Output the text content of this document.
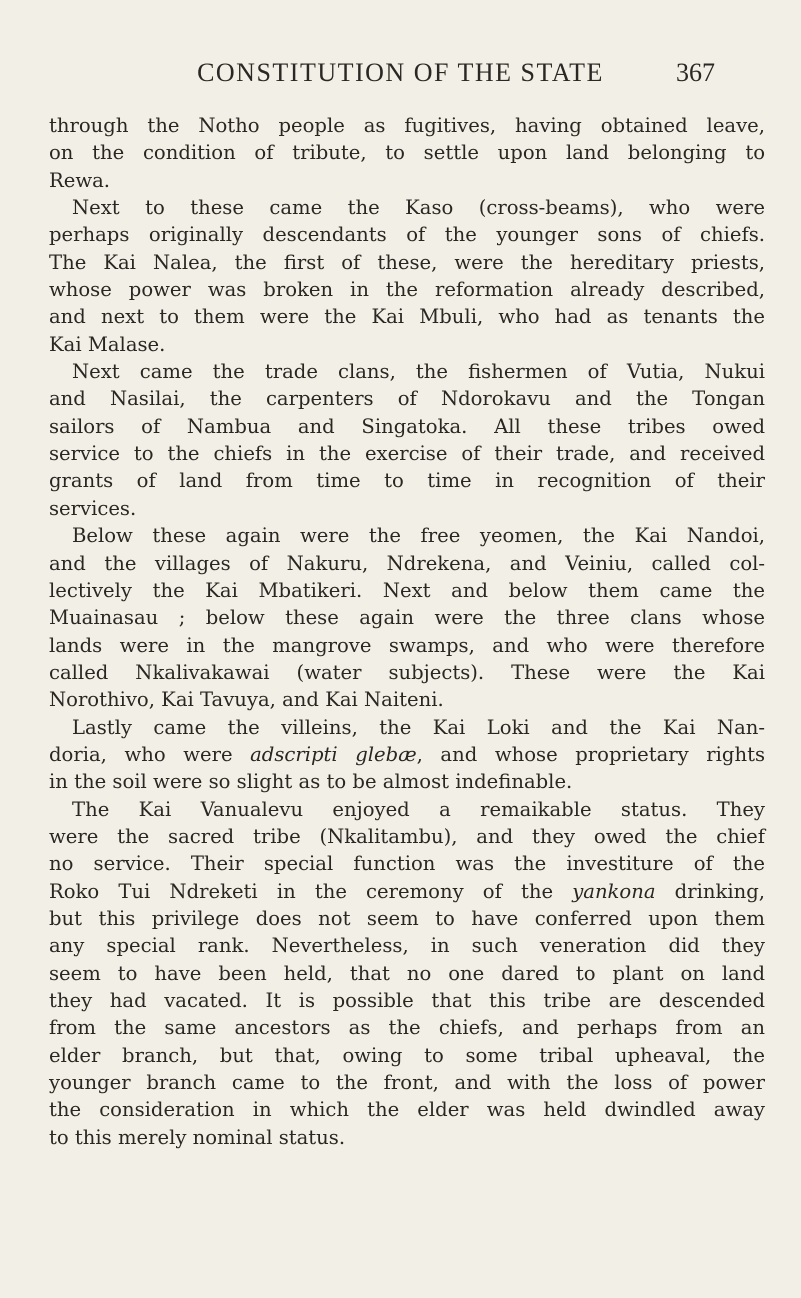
CONSTITUTION OF THE STATE	367
through the Notho people as fugitives, having obtained leave,
on the condition of tribute, to settle upon land belonging to
Rewa.
Next to these came the Kaso (cross-beams), who were
perhaps originally descendants of the younger sons of chiefs.
The Kai Nalea, the first of these, were the hereditary priests,
whose power was broken in the reformation already described,
and next to them were the Kai Mbuli, who had as tenants the
Kai Malase.
Next came the trade clans, the fishermen of Vutia, Nukui
and Nasilai, the carpenters of Ndorokavu and the Tongan
sailors of Nambua and Singatoka. All these tribes owed
service to the chiefs in the exercise of their trade, and received
grants of land from time to time in recognition of their
services.
Below these again were the free yeomen, the Kai Nandoi,
and the villages of Nakuru, Ndrekena, and Veiniu, called col-
lectively the Kai Mbatikeri. Next and below them came the
Muainasau ; below these again were the three clans whose
lands were in the mangrove swamps, and who were therefore
called Nkalivakawai (water subjects). These were the Kai
Norothivo, Kai Tavuya, and Kai Naiteni.
Lastly came the villeins, the Kai Loki and the Kai Nan-
doria, who were adscripti glebæ, and whose proprietary rights
in the soil were so slight as to be almost indefinable.
The Kai Vanualevu enjoyed a remaikable status. They
were the sacred tribe (Nkalitambu), and they owed the chief
no service. Their special function was the investiture of the
Roko Tui Ndreketi in the ceremony of the yankona drinking,
but this privilege does not seem to have conferred upon them
any special rank. Nevertheless, in such veneration did they
seem to have been held, that no one dared to plant on land
they had vacated. It is possible that this tribe are descended
from the same ancestors as the chiefs, and perhaps from an
elder branch, but that, owing to some tribal upheaval, the
younger branch came to the front, and with the loss of power
the consideration in which the elder was held dwindled away
to this merely nominal status.
